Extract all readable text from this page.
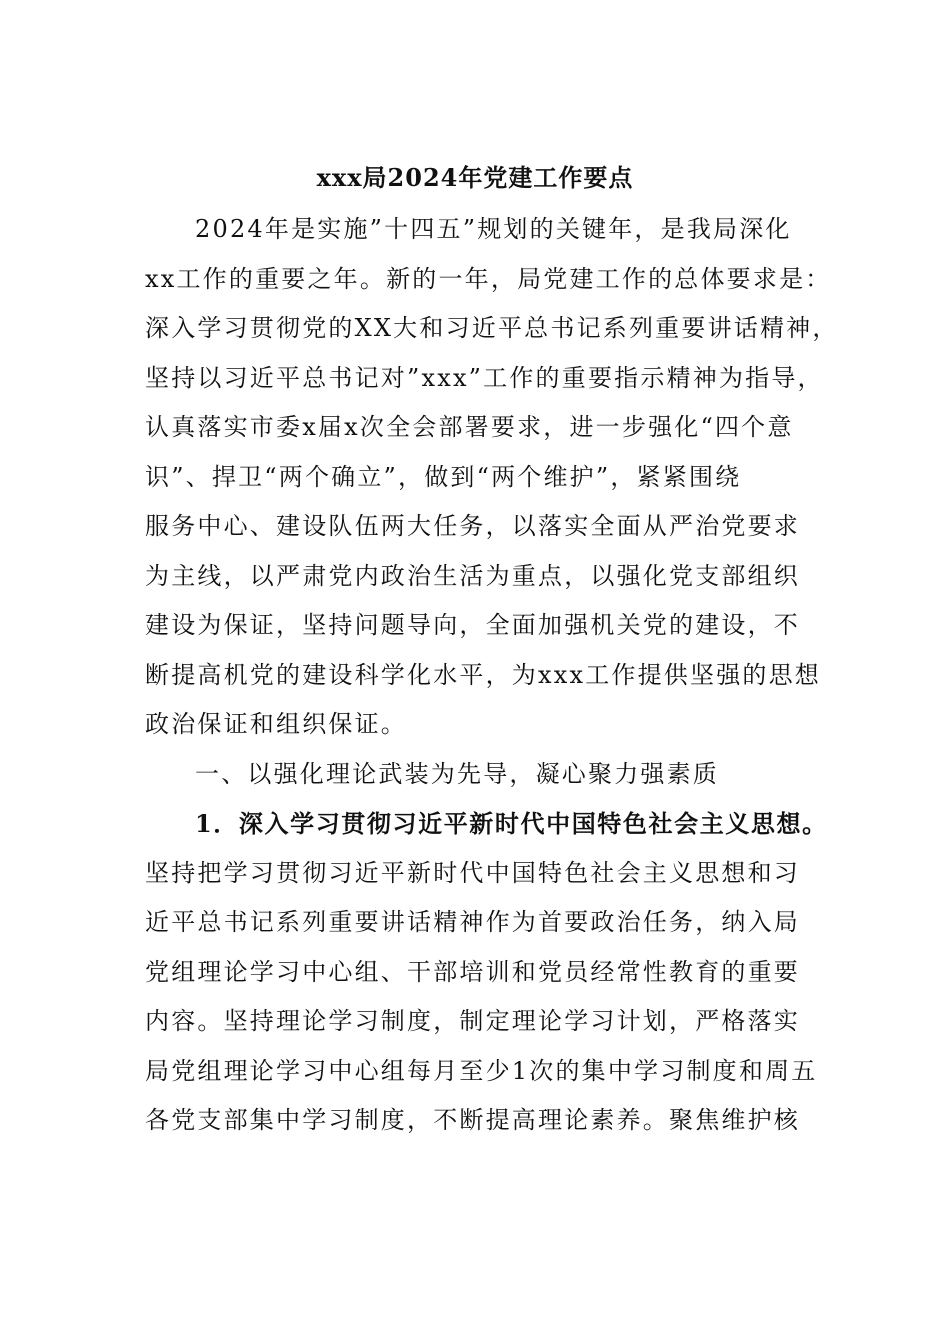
xxx局2024年党建工作要点
2024年是实施”十四五”规划的关键年，是我局深化
xx工作的重要之年。新的一年，局党建工作的总体要求是：
深入学习贯彻党的XX大和习近平总书记系列重要讲话精神，
坚持以习近平总书记对”xxx”工作的重要指示精神为指导，
认真落实市委x届x次全会部署要求，进一步强化“四个意
识”、捍卫“两个确立”，做到“两个维护”，紧紧围绕
服务中心、建设队伍两大任务，以落实全面从严治党要求
为主线，以严肃党内政治生活为重点，以强化党支部组织
建设为保证，坚持问题导向，全面加强机关党的建设，不
断提高机党的建设科学化水平，为xxx工作提供坚强的思想
政治保证和组织保证。
一、以强化理论武装为先导，凝心聚力强素质
1．深入学习贯彻习近平新时代中国特色社会主义思想。
坚持把学习贯彻习近平新时代中国特色社会主义思想和习
近平总书记系列重要讲话精神作为首要政治任务，纳入局
党组理论学习中心组、干部培训和党员经常性教育的重要
内容。坚持理论学习制度，制定理论学习计划，严格落实
局党组理论学习中心组每月至少1次的集中学习制度和周五
各党支部集中学习制度，不断提高理论素养。聚焦维护核
